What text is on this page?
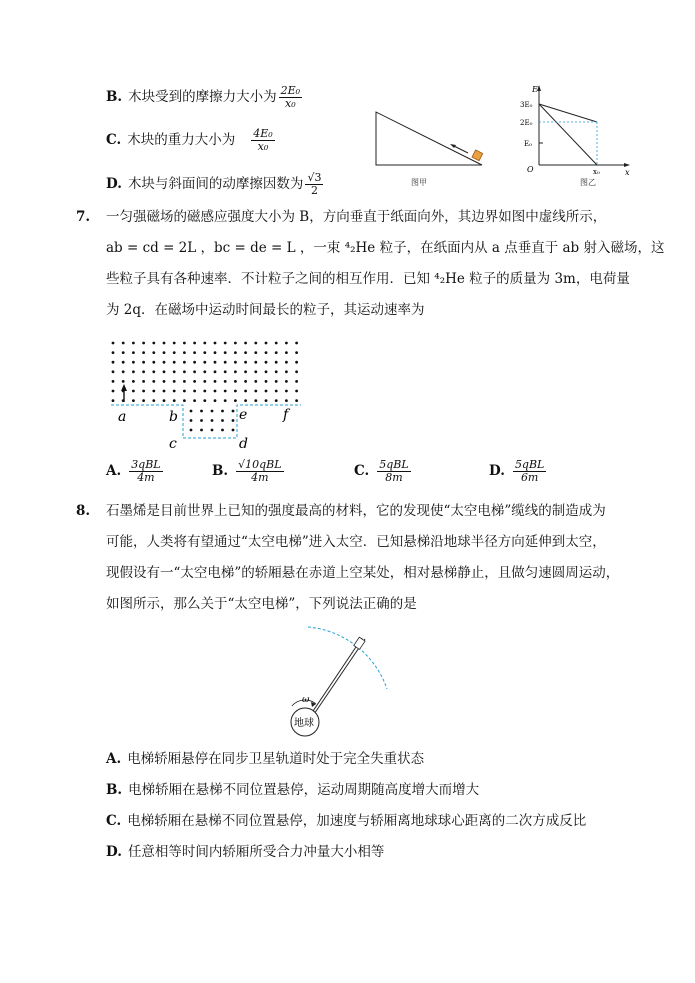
B. 木块受到的摩擦力大小为 $\frac{\text{2E₀}}{\text{x₀}}$
C. 木块的重力大小为 $\frac{\text{4E₀}}{\text{x₀}}$
D. 木块与斜面间的动摩擦因数为 $\frac{√3}{2}$	图甲
E
x
O
3E₀
2E₀
E₀
x₀
图乙
7. 一匀强磁场的磁感应强度大小为 B，方向垂直于纸面向外，其边界如图中虚线所示，
ab = cd = 2L ，bc = de = L ，一束 ⁴₂He 粒子，在纸面内从 a 点垂直于 ab 射入磁场，这
些粒子具有各种速率．不计粒子之间的相互作用．已知 ⁴₂He 粒子的质量为 3m，电荷量
为 2q．在磁场中运动时间最长的粒子，其运动速率为
a	b
c	d
e	f
A. $\frac{\text{3qBL}}{4m}$	B. $\frac{\text{√10qBL}}{4m}$	C. $\frac{\text{5qBL}}{8m}$	D. $\frac{\text{5qBL}}{6m}$
8. 石墨烯是目前世界上已知的强度最高的材料，它的发现使“太空电梯”缆线的制造成为
可能，人类将有望通过“太空电梯”进入太空．已知悬梯沿地球半径方向延伸到太空，
现假设有一“太空电梯”的轿厢悬在赤道上空某处，相对悬梯静止，且做匀速圆周运动，
如图所示，那么关于“太空电梯”，下列说法正确的是
ω
地球
A. 电梯轿厢悬停在同步卫星轨道时处于完全失重状态
B. 电梯轿厢在悬梯不同位置悬停，运动周期随高度增大而增大
C. 电梯轿厢在悬梯不同位置悬停，加速度与轿厢离地球球心距离的二次方成反比
D. 任意相等时间内轿厢所受合力冲量大小相等
